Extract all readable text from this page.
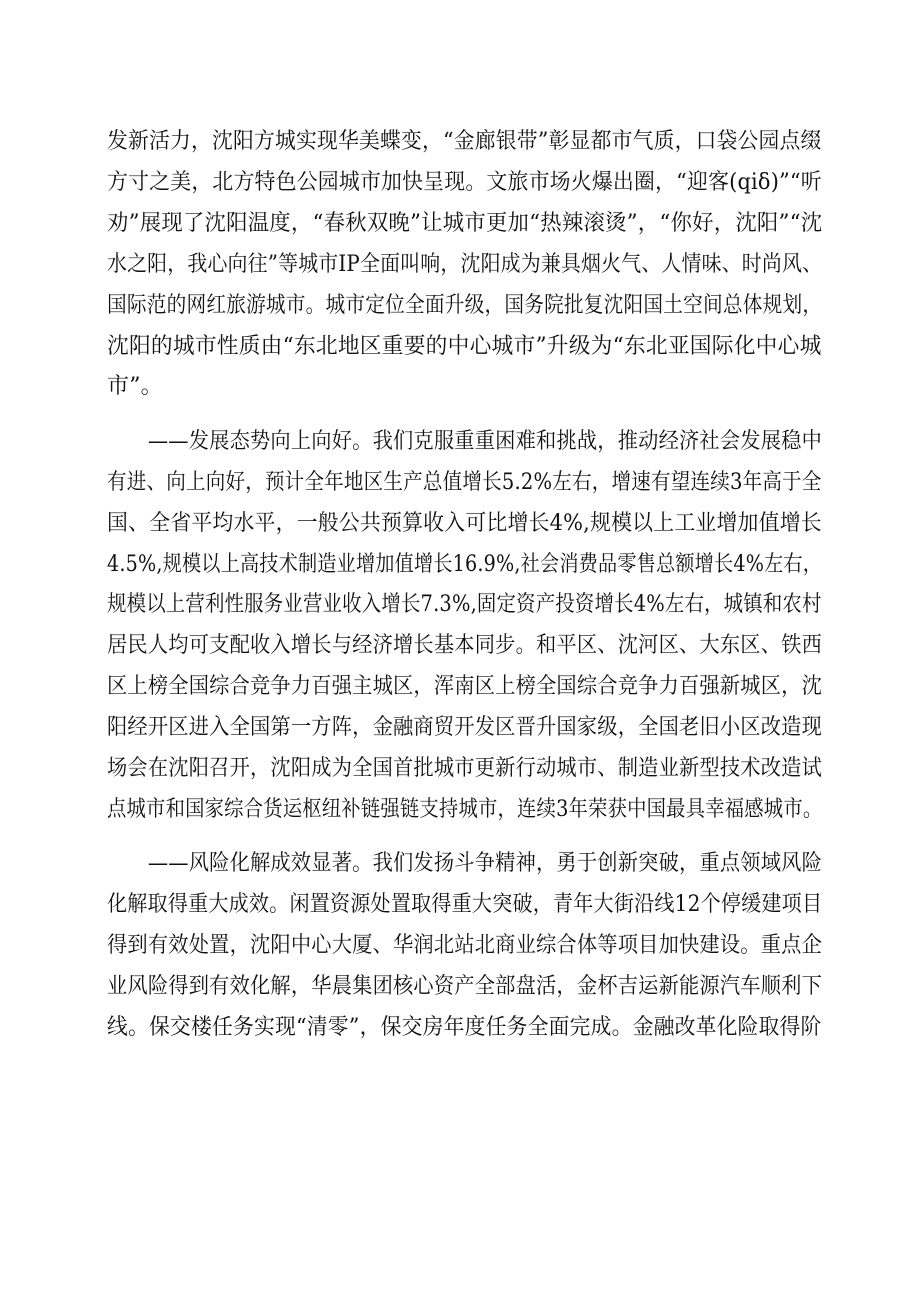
发新活力，沈阳方城实现华美蝶变，“金廊银带”彰显都市气质，口袋公园点缀
方寸之美，北方特色公园城市加快呈现。文旅市场火爆出圈，“迎客(qiδ)”“听
劝”展现了沈阳温度，“春秋双晚”让城市更加“热辣滚烫”，“你好，沈阳”“沈
水之阳，我心向往”等城市IP全面叫响，沈阳成为兼具烟火气、人情味、时尚风、
国际范的网红旅游城市。城市定位全面升级，国务院批复沈阳国土空间总体规划，
沈阳的城市性质由“东北地区重要的中心城市”升级为“东北亚国际化中心城
市”。

　　——发展态势向上向好。我们克服重重困难和挑战，推动经济社会发展稳中
有进、向上向好，预计全年地区生产总值增长5.2%左右，增速有望连续3年高于全
国、全省平均水平，一般公共预算收入可比增长4%,规模以上工业增加值增长
4.5%,规模以上高技术制造业增加值增长16.9%,社会消费品零售总额增长4%左右，
规模以上营利性服务业营业收入增长7.3%,固定资产投资增长4%左右，城镇和农村
居民人均可支配收入增长与经济增长基本同步。和平区、沈河区、大东区、铁西
区上榜全国综合竞争力百强主城区，浑南区上榜全国综合竞争力百强新城区，沈
阳经开区进入全国第一方阵，金融商贸开发区晋升国家级，全国老旧小区改造现
场会在沈阳召开，沈阳成为全国首批城市更新行动城市、制造业新型技术改造试
点城市和国家综合货运枢纽补链强链支持城市，连续3年荣获中国最具幸福感城市。

　　——风险化解成效显著。我们发扬斗争精神，勇于创新突破，重点领域风险
化解取得重大成效。闲置资源处置取得重大突破，青年大街沿线12个停缓建项目
得到有效处置，沈阳中心大厦、华润北站北商业综合体等项目加快建设。重点企
业风险得到有效化解，华晨集团核心资产全部盘活，金杯吉运新能源汽车顺利下
线。保交楼任务实现“清零”，保交房年度任务全面完成。金融改革化险取得阶
